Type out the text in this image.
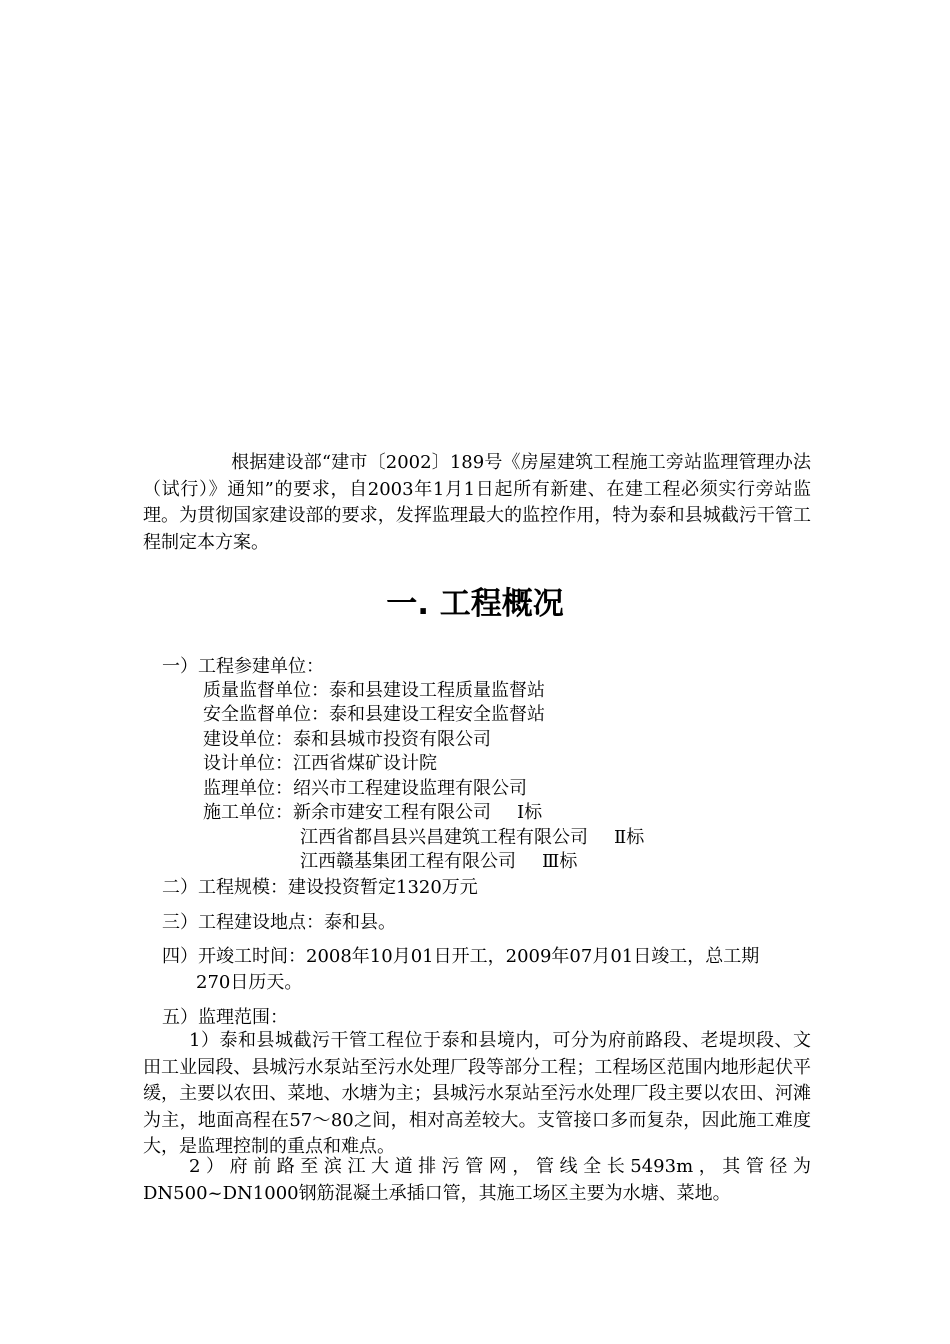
根据建设部“建市〔2002〕189号《房屋建筑工程施工旁站监理管理办法（试行）》通知”的要求，自2003年1月1日起所有新建、在建工程必须实行旁站监理。为贯彻国家建设部的要求，发挥监理最大的监控作用，特为泰和县城截污干管工程制定本方案。

一. 工程概况

一）工程参建单位：

质量监督单位：泰和县建设工程质量监督站

安全监督单位：泰和县建设工程安全监督站

建设单位：泰和县城市投资有限公司

设计单位：江西省煤矿设计院

监理单位：绍兴市工程建设监理有限公司

施工单位：新余市建安工程有限公司 Ⅰ标

江西省都昌县兴昌建筑工程有限公司 Ⅱ标

江西赣基集团工程有限公司 Ⅲ标

二）工程规模：建设投资暂定1320万元

三）工程建设地点：泰和县。

四）开竣工时间：2008年10月01日开工，2009年07月01日竣工，总工期

270日历天。

五）监理范围：

1）泰和县城截污干管工程位于泰和县境内，可分为府前路段、老堤坝段、文田工业园段、县城污水泵站至污水处理厂段等部分工程；工程场区范围内地形起伏平缓，主要以农田、菜地、水塘为主；县城污水泵站至污水处理厂段主要以农田、河滩为主，地面高程在57～80之间，相对高差较大。支管接口多而复杂，因此施工难度大，是监理控制的重点和难点。

2）府前路至滨江大道排污管网，管线全长5493m，其管径为DN500~DN1000钢筋混凝土承插口管，其施工场区主要为水塘、菜地。
